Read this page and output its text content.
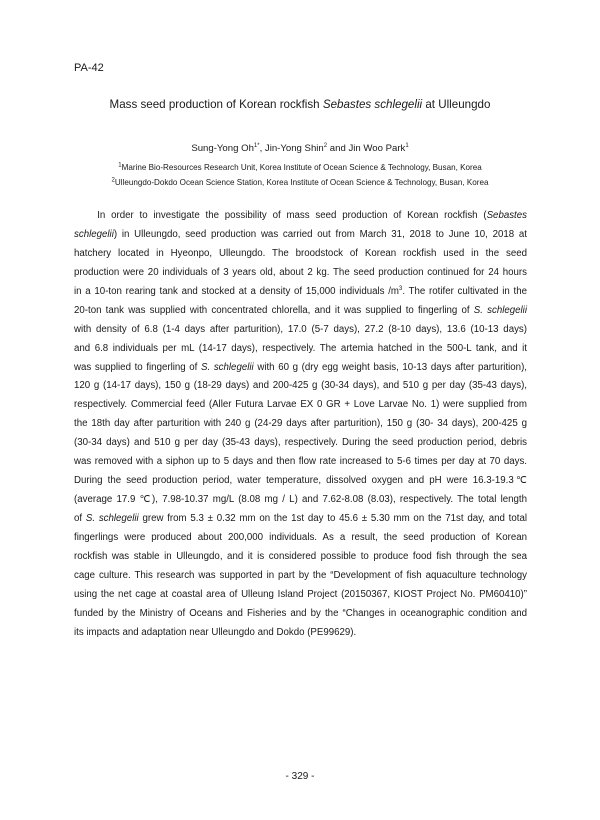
PA-42
Mass seed production of Korean rockfish Sebastes schlegelii at Ulleungdo
Sung-Yong $Oh^{1*}$, Jin-Yong Shin$^2$ and Jin Woo Park$^1$
$^1$Marine Bio-Resources Research Unit, Korea Institute of Ocean Science & Technology, Busan, Korea
$^2$Ulleungdo-Dokdo Ocean Science Station, Korea Institute of Ocean Science & Technology, Busan, Korea
In order to investigate the possibility of mass seed production of Korean rockfish (Sebastes
schlegelii) in Ulleungdo, seed production was carried out from March 31, 2018 to June 10, 2018 at
hatchery located in Hyeonpo, Ulleungdo. The broodstock of Korean rockfish used in the seed
production were 20 individuals of 3 years old, about 2 kg. The seed production continued for 24 hours
in a 10-ton rearing tank and stocked at a density of 15,000 individuals $/m^3$. The rotifer cultivated in the
20-ton tank was supplied with concentrated chlorella, and it was supplied to fingerling of S. schlegelii
with density of 6.8 (1-4 days after parturition), 17.0 (5-7 days), 27.2 (8-10 days), 13.6 (10-13 days)
and 6.8 individuals per mL (14-17 days), respectively. The artemia hatched in the 500-L tank, and it
was supplied to fingerling of S. schlegelii with 60 g (dry egg weight basis, 10-13 days after parturition),
120 g (14-17 days), 150 g (18-29 days) and 200-425 g (30-34 days), and 510 g per day (35-43 days),
respectively. Commercial feed (Aller Futura Larvae EX 0 GR + Love Larvae No. 1) were supplied from
the 18th day after parturition with 240 g (24-29 days after parturition), 150 g (30- 34 days), 200-425 g
(30-34 days) and 510 g per day (35-43 days), respectively. During the seed production period, debris
was removed with a siphon up to 5 days and then flow rate increased to 5-6 times per day at 70 days.
During the seed production period, water temperature, dissolved oxygen and pH were 16.3-19.3℃
(average 17.9 ℃), 7.98-10.37 mg/L (8.08 mg / L) and 7.62-8.08 (8.03), respectively. The total length
of S. schlegelii grew from 5.3 ± 0.32 mm on the 1st day to 45.6 ± 5.30 mm on the 71st day, and total
fingerlings were produced about 200,000 individuals. As a result, the seed production of Korean
rockfish was stable in Ulleungdo, and it is considered possible to produce food fish through the sea
cage culture. This research was supported in part by the “Development of fish aquaculture technology
using the net cage at coastal area of Ulleung Island Project (20150367, KIOST Project No. PM60410)”
funded by the Ministry of Oceans and Fisheries and by the “Changes in oceanographic condition and
its impacts and adaptation near Ulleungdo and Dokdo (PE99629).
- 329 -
